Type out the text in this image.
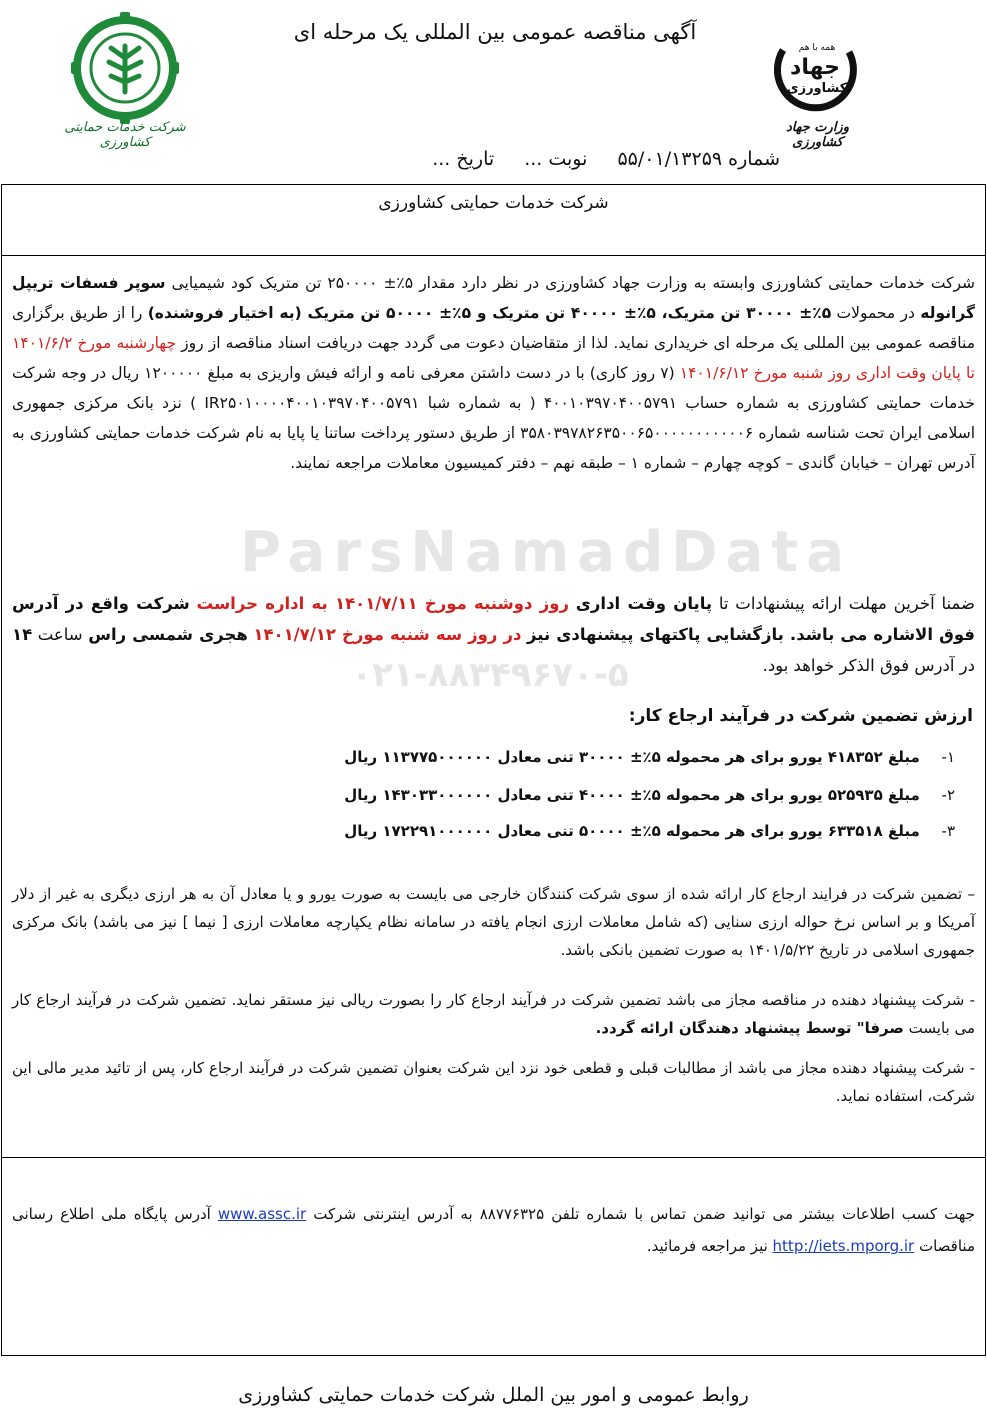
آگهی مناقصه عمومی بین المللی یک مرحله ای
شرکت خدمات حمایتی کشاورزی
همه با هم
جهاد
کشاورزی
وزارت جهاد کشاورزی
شماره ۵۵/۰۱/۱۳۲۵۹ نوبت ... تاریخ ...
شرکت خدمات حمایتی کشاورزی
ParsNamadData
۰۲۱-۸۸۳۴۹۶۷۰-۵
شرکت خدمات حمایتی کشاورزی وابسته به وزارت جهاد کشاورزی در نظر دارد مقدار ۵٪± ۲۵۰۰۰۰ تن متریک کود شیمیایی سوپر فسفات تریپل گرانوله در محمولات ۵٪± ۳۰۰۰۰ تن متریک، ۵٪± ۴۰۰۰۰ تن متریک و ۵٪± ۵۰۰۰۰ تن متریک (به اختیار فروشنده) را از طریق برگزاری مناقصه عمومی بین المللی یک مرحله ای خریداری نماید. لذا از متقاضیان دعوت می گردد جهت دریافت اسناد مناقصه از روز چهارشنبه مورخ ۱۴۰۱/۶/۲ تا پایان وقت اداری روز شنبه مورخ ۱۴۰۱/۶/۱۲ (۷ روز کاری) با در دست داشتن معرفی نامه و ارائه فیش واریزی به مبلغ ۱۲۰۰۰۰۰ ریال در وجه شرکت خدمات حمایتی کشاورزی به شماره حساب ۴۰۰۱۰۳۹۷۰۴۰۰۵۷۹۱ ( به شماره شبا IR۲۵۰۱۰۰۰۰۴۰۰۱۰۳۹۷۰۴۰۰۵۷۹۱ ) نزد بانک مرکزی جمهوری اسلامی ایران تحت شناسه شماره ۳۵۸۰۳۹۷۸۲۶۳۵۰۰۶۵۰۰۰۰۰۰۰۰۰۰۰۶ از طریق دستور پرداخت ساتنا یا پایا به نام شرکت خدمات حمایتی کشاورزی به آدرس تهران – خیابان گاندی – کوچه چهارم – شماره ۱ – طبقه نهم – دفتر کمیسیون معاملات مراجعه نمایند.
ضمنا آخرین مهلت ارائه پیشنهادات تا پایان وقت اداری روز دوشنبه مورخ ۱۴۰۱/۷/۱۱ به اداره حراست شرکت واقع در آدرس فوق الاشاره می باشد. بازگشایی پاکتهای پیشنهادی نیز در روز سه شنبه مورخ ۱۴۰۱/۷/۱۲ هجری شمسی راس ساعت ۱۴ در آدرس فوق الذکر خواهد بود.
ارزش تضمین شرکت در فرآیند ارجاع کار:
۱- مبلغ ۴۱۸۳۵۲ یورو برای هر محموله ۵٪± ۳۰۰۰۰ تنی معادل ۱۱۳۷۷۵۰۰۰۰۰۰ ریال
۲- مبلغ ۵۲۵۹۳۵ یورو برای هر محموله ۵٪± ۴۰۰۰۰ تنی معادل ۱۴۳۰۳۳۰۰۰۰۰۰ ریال
۳- مبلغ ۶۳۳۵۱۸ یورو برای هر محموله ۵٪± ۵۰۰۰۰ تنی معادل ۱۷۲۲۹۱۰۰۰۰۰۰ ریال
– تضمین شرکت در فرایند ارجاع کار ارائه شده از سوی شرکت کنندگان خارجی می بایست به صورت یورو و یا معادل آن به هر ارزی دیگری به غیر از دلار آمریکا و بر اساس نرخ حواله ارزی سنایی (که شامل معاملات ارزی انجام یافته در سامانه نظام یکپارچه معاملات ارزی [ نیما ] نیز می باشد) بانک مرکزی جمهوری اسلامی در تاریخ ۱۴۰۱/۵/۲۲ به صورت تضمین بانکی باشد.
- شرکت پیشنهاد دهنده در مناقصه مجاز می باشد تضمین شرکت در فرآیند ارجاع کار را بصورت ریالی نیز مستقر نماید. تضمین شرکت در فرآیند ارجاع کار می بایست صرفا" توسط پیشنهاد دهندگان ارائه گردد.
- شرکت پیشنهاد دهنده مجاز می باشد از مطالبات قبلی و قطعی خود نزد این شرکت بعنوان تضمین شرکت در فرآیند ارجاع کار، پس از تائید مدیر مالی این شرکت، استفاده نماید.
جهت کسب اطلاعات بیشتر می توانید ضمن تماس با شماره تلفن ۸۸۷۷۶۳۲۵ به آدرس اینترنتی شرکت www.assc.ir آدرس پایگاه ملی اطلاع رسانی مناقصات http://iets.mporg.ir نیز مراجعه فرمائید.
روابط عمومی و امور بین الملل شرکت خدمات حمایتی کشاورزی
